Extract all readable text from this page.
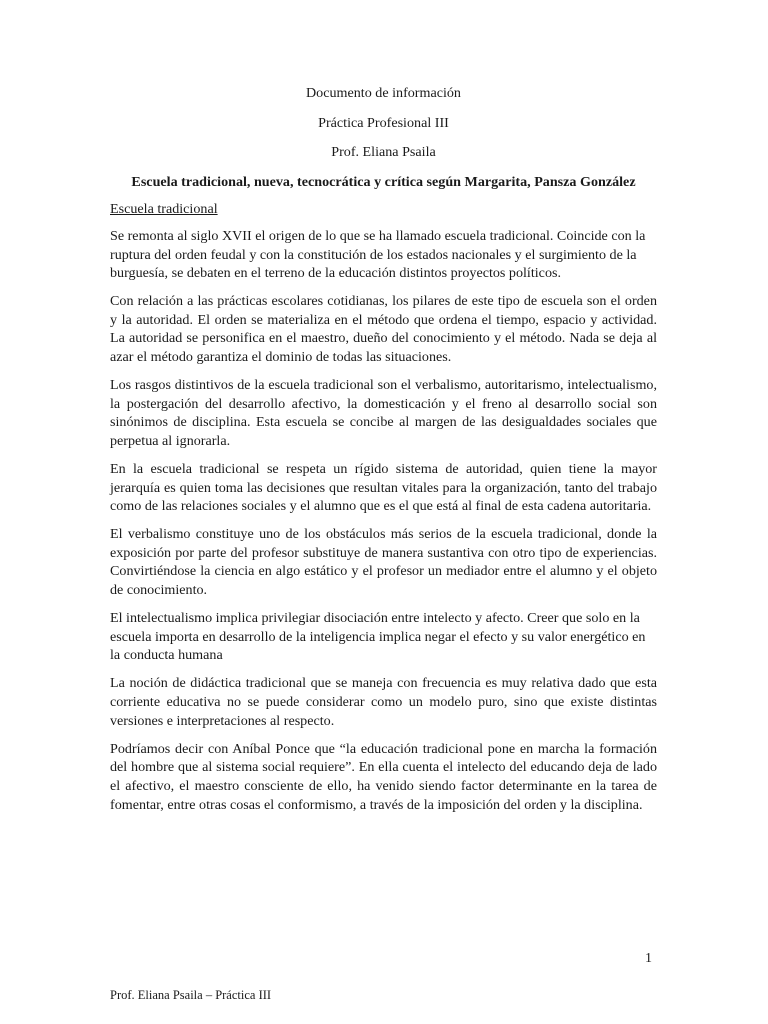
Documento de información
Práctica Profesional III
Prof. Eliana Psaila
Escuela tradicional, nueva, tecnocrática y crítica según Margarita, Pansza González
Escuela tradicional

Se remonta al siglo XVII el origen de lo que se ha llamado escuela tradicional. Coincide con la ruptura del orden feudal y con la constitución de los estados nacionales y el surgimiento de la burguesía, se debaten en el terreno de la educación distintos proyectos políticos.

Con relación a las prácticas escolares cotidianas, los pilares de este tipo de escuela son el orden y la autoridad. El orden se materializa en el método que ordena el tiempo, espacio y actividad. La autoridad se personifica en el maestro, dueño del conocimiento y el método. Nada se deja al azar el método garantiza el dominio de todas las situaciones.

Los rasgos distintivos de la escuela tradicional son el verbalismo, autoritarismo, intelectualismo, la postergación del desarrollo afectivo, la domesticación y el freno al desarrollo social son sinónimos de disciplina. Esta escuela se concibe al margen de las desigualdades sociales que perpetua al ignorarla.

En la escuela tradicional se respeta un rígido sistema de autoridad, quien tiene la mayor jerarquía es quien toma las decisiones que resultan vitales para la organización, tanto del trabajo como de las relaciones sociales y el alumno que es el que está al final de esta cadena autoritaria.

El verbalismo constituye uno de los obstáculos más serios de la escuela tradicional, donde la exposición por parte del profesor substituye de manera sustantiva con otro tipo de experiencias. Convirtiéndose la ciencia en algo estático y el profesor un mediador entre el alumno y el objeto de conocimiento.

El intelectualismo implica privilegiar disociación entre intelecto y afecto. Creer que solo en la escuela importa en desarrollo de la inteligencia implica negar el efecto y su valor energético en la conducta humana

La noción de didáctica tradicional que se maneja con frecuencia es muy relativa dado que esta corriente educativa no se puede considerar como un modelo puro, sino que existe distintas versiones e interpretaciones al respecto.

Podríamos decir con Aníbal Ponce que “la educación tradicional pone en marcha la formación del hombre que al sistema social requiere”. En ella cuenta el intelecto del educando deja de lado el afectivo, el maestro consciente de ello, ha venido siendo factor determinante en la tarea de fomentar, entre otras cosas el conformismo, a través de la imposición del orden y la disciplina.

1
Prof. Eliana Psaila – Práctica III
